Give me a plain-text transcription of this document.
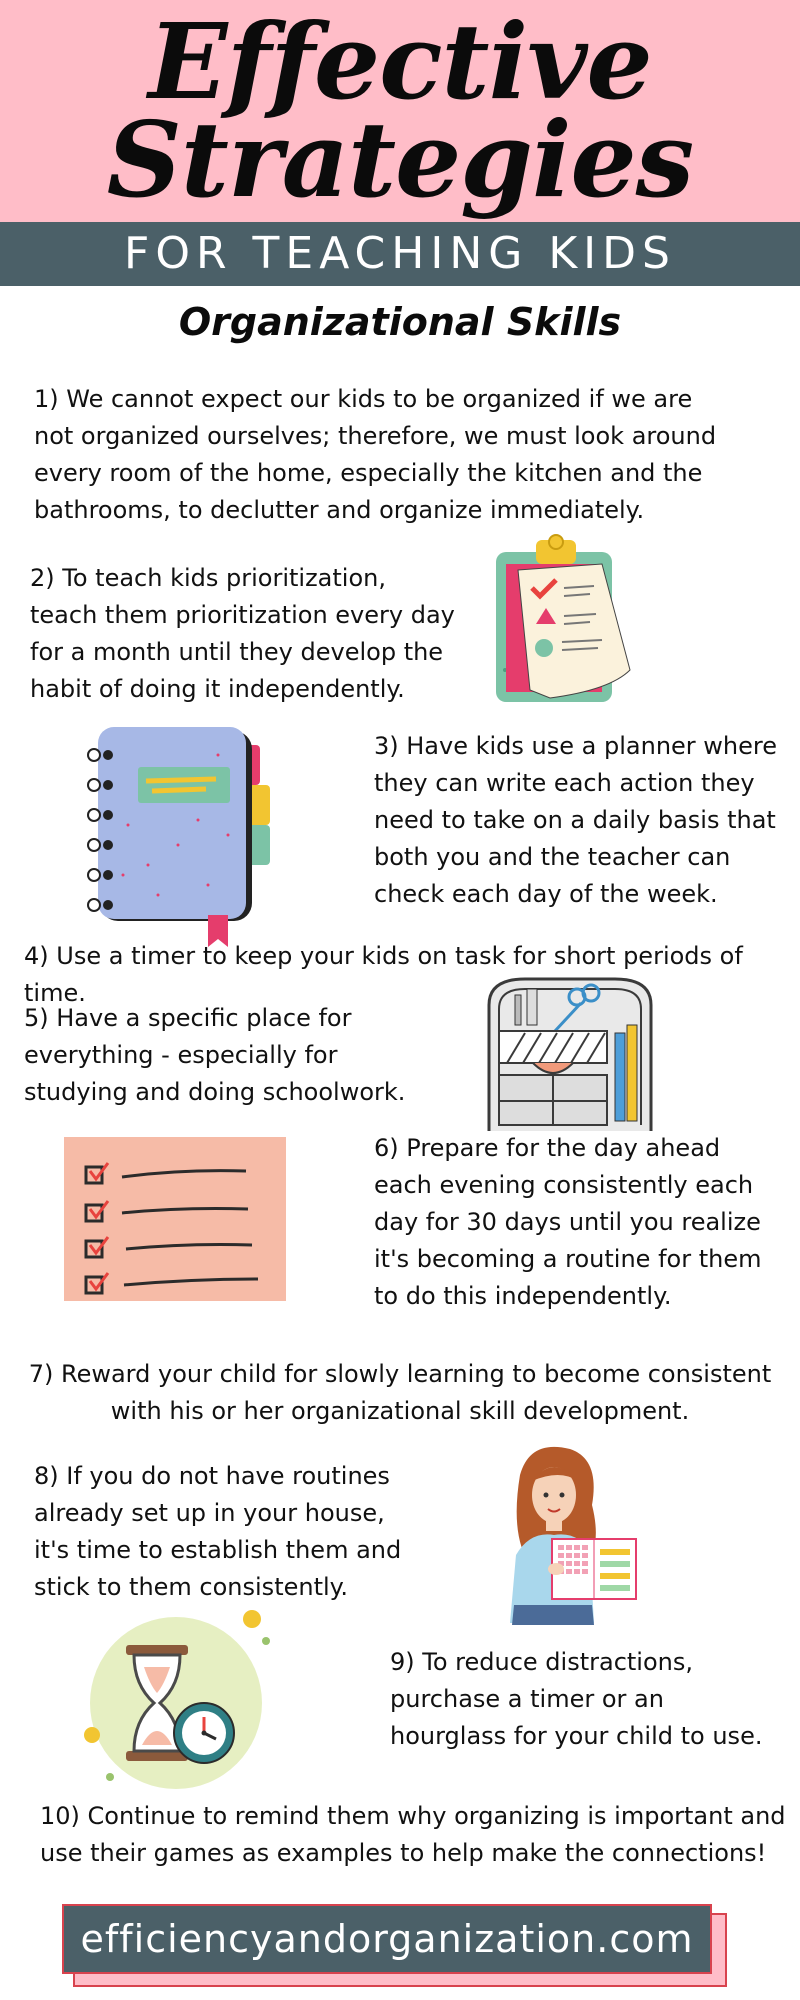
Effective
Strategies
FOR TEACHING KIDS
Organizational Skills
1) We cannot expect our kids to be organized if we are
not organized ourselves; therefore, we must look around
every room of the home, especially the kitchen and the
bathrooms, to declutter and organize immediately.
2) To teach kids prioritization,
teach them prioritization every day
for a month until they develop the
habit of doing it independently.
3) Have kids use a planner where
they can write each action they
need to take on a daily basis that
both you and the teacher can
check each day of the week.
4) Use a timer to keep your kids on task for short periods of time.
5) Have a specific place for
everything - especially for
studying and doing schoolwork.
6) Prepare for the day ahead
each evening consistently each
day for 30 days until you realize
it's becoming a routine for them
to do this independently.
7) Reward your child for slowly learning to become consistent
with his or her organizational skill development.
8) If you do not have routines
already set up in your house,
it's time to establish them and
stick to them consistently.
9) To reduce distractions,
purchase a timer or an
hourglass for your child to use.
10) Continue to remind them why organizing is important and
use their games as examples to help make the connections!
efficiencyandorganization.com
